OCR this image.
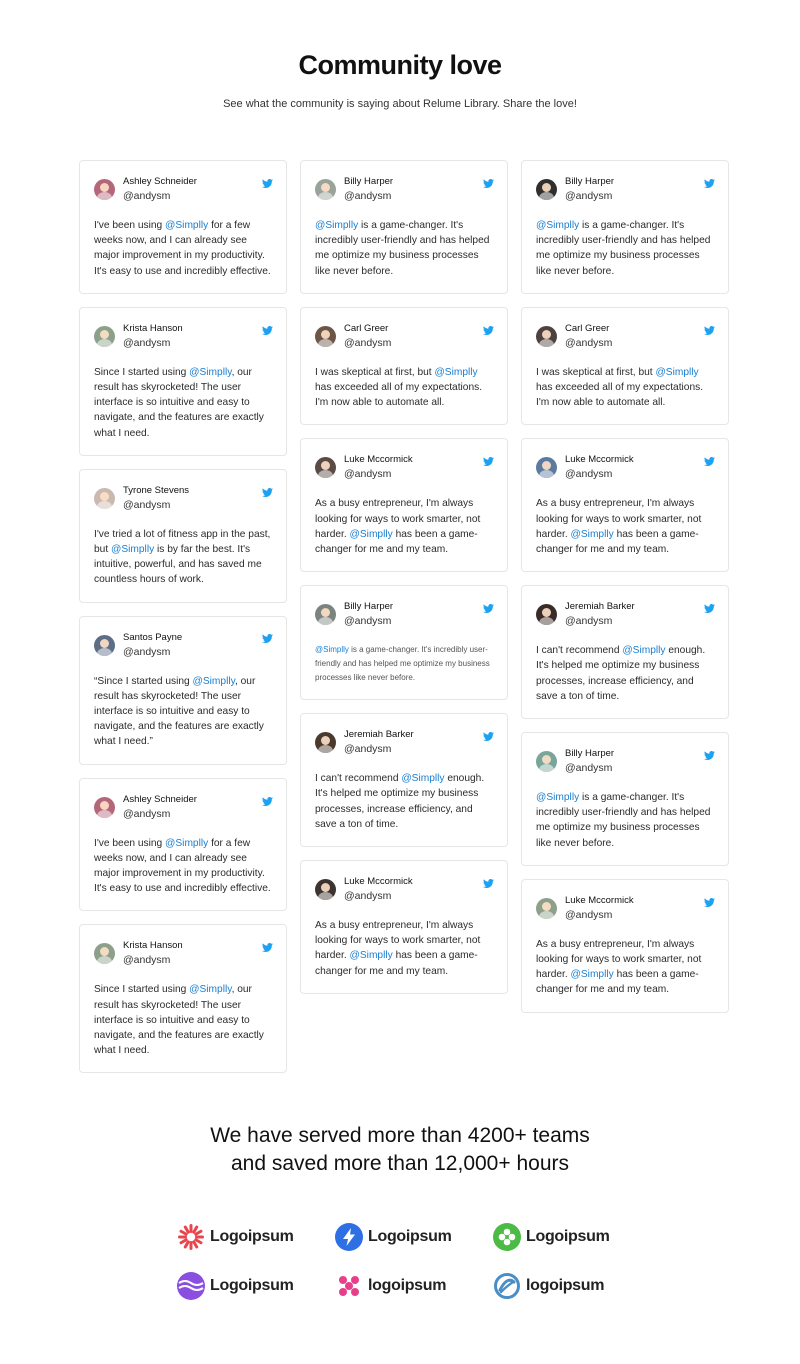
Community love

See what the community is saying about Relume Library. Share the love!

Ashley Schneider
@andysm
I've been using @Simplly for a few weeks now, and I can already see major improvement in my productivity. It's easy to use and incredibly effective.
Krista Hanson
@andysm
Since I started using @Simplly, our result has skyrocketed! The user interface is so intuitive and easy to navigate, and the features are exactly what I need.
Tyrone Stevens
@andysm
I've tried a lot of fitness app in the past, but @Simplly is by far the best. It's intuitive, powerful, and has saved me countless hours of work.
Santos Payne
@andysm
“Since I started using @Simplly, our result has skyrocketed! The user interface is so intuitive and easy to navigate, and the features are exactly what I need.”
Ashley Schneider
@andysm
I've been using @Simplly for a few weeks now, and I can already see major improvement in my productivity. It's easy to use and incredibly effective.
Krista Hanson
@andysm
Since I started using @Simplly, our result has skyrocketed! The user interface is so intuitive and easy to navigate, and the features are exactly what I need.
Billy Harper
@andysm
@Simplly is a game-changer. It's incredibly user-friendly and has helped me optimize my business processes like never before.
Carl Greer
@andysm
I was skeptical at first, but @Simplly has exceeded all of my expectations. I'm now able to automate all.
Luke Mccormick
@andysm
As a busy entrepreneur, I'm always looking for ways to work smarter, not harder. @Simplly has been a game-changer for me and my team.
Billy Harper
@andysm
@Simplly is a game-changer. It's incredibly user-friendly and has helped me optimize my business processes like never before.
Jeremiah Barker
@andysm
I can't recommend @Simplly enough. It's helped me optimize my business processes, increase efficiency, and save a ton of time.
Luke Mccormick
@andysm
As a busy entrepreneur, I'm always looking for ways to work smarter, not harder. @Simplly has been a game-changer for me and my team.
Billy Harper
@andysm
@Simplly is a game-changer. It's incredibly user-friendly and has helped me optimize my business processes like never before.
Carl Greer
@andysm
I was skeptical at first, but @Simplly has exceeded all of my expectations. I'm now able to automate all.
Luke Mccormick
@andysm
As a busy entrepreneur, I'm always looking for ways to work smarter, not harder. @Simplly has been a game-changer for me and my team.
Jeremiah Barker
@andysm
I can't recommend @Simplly enough. It's helped me optimize my business processes, increase efficiency, and save a ton of time.
Billy Harper
@andysm
@Simplly is a game-changer. It's incredibly user-friendly and has helped me optimize my business processes like never before.
Luke Mccormick
@andysm
As a busy entrepreneur, I'm always looking for ways to work smarter, not harder. @Simplly has been a game-changer for me and my team.
We have served more than 4200+ teams
and saved more than 12,000+ hours
Logoipsum	Logoipsum	Logoipsum
Logoipsum	logoipsum	logoipsum
